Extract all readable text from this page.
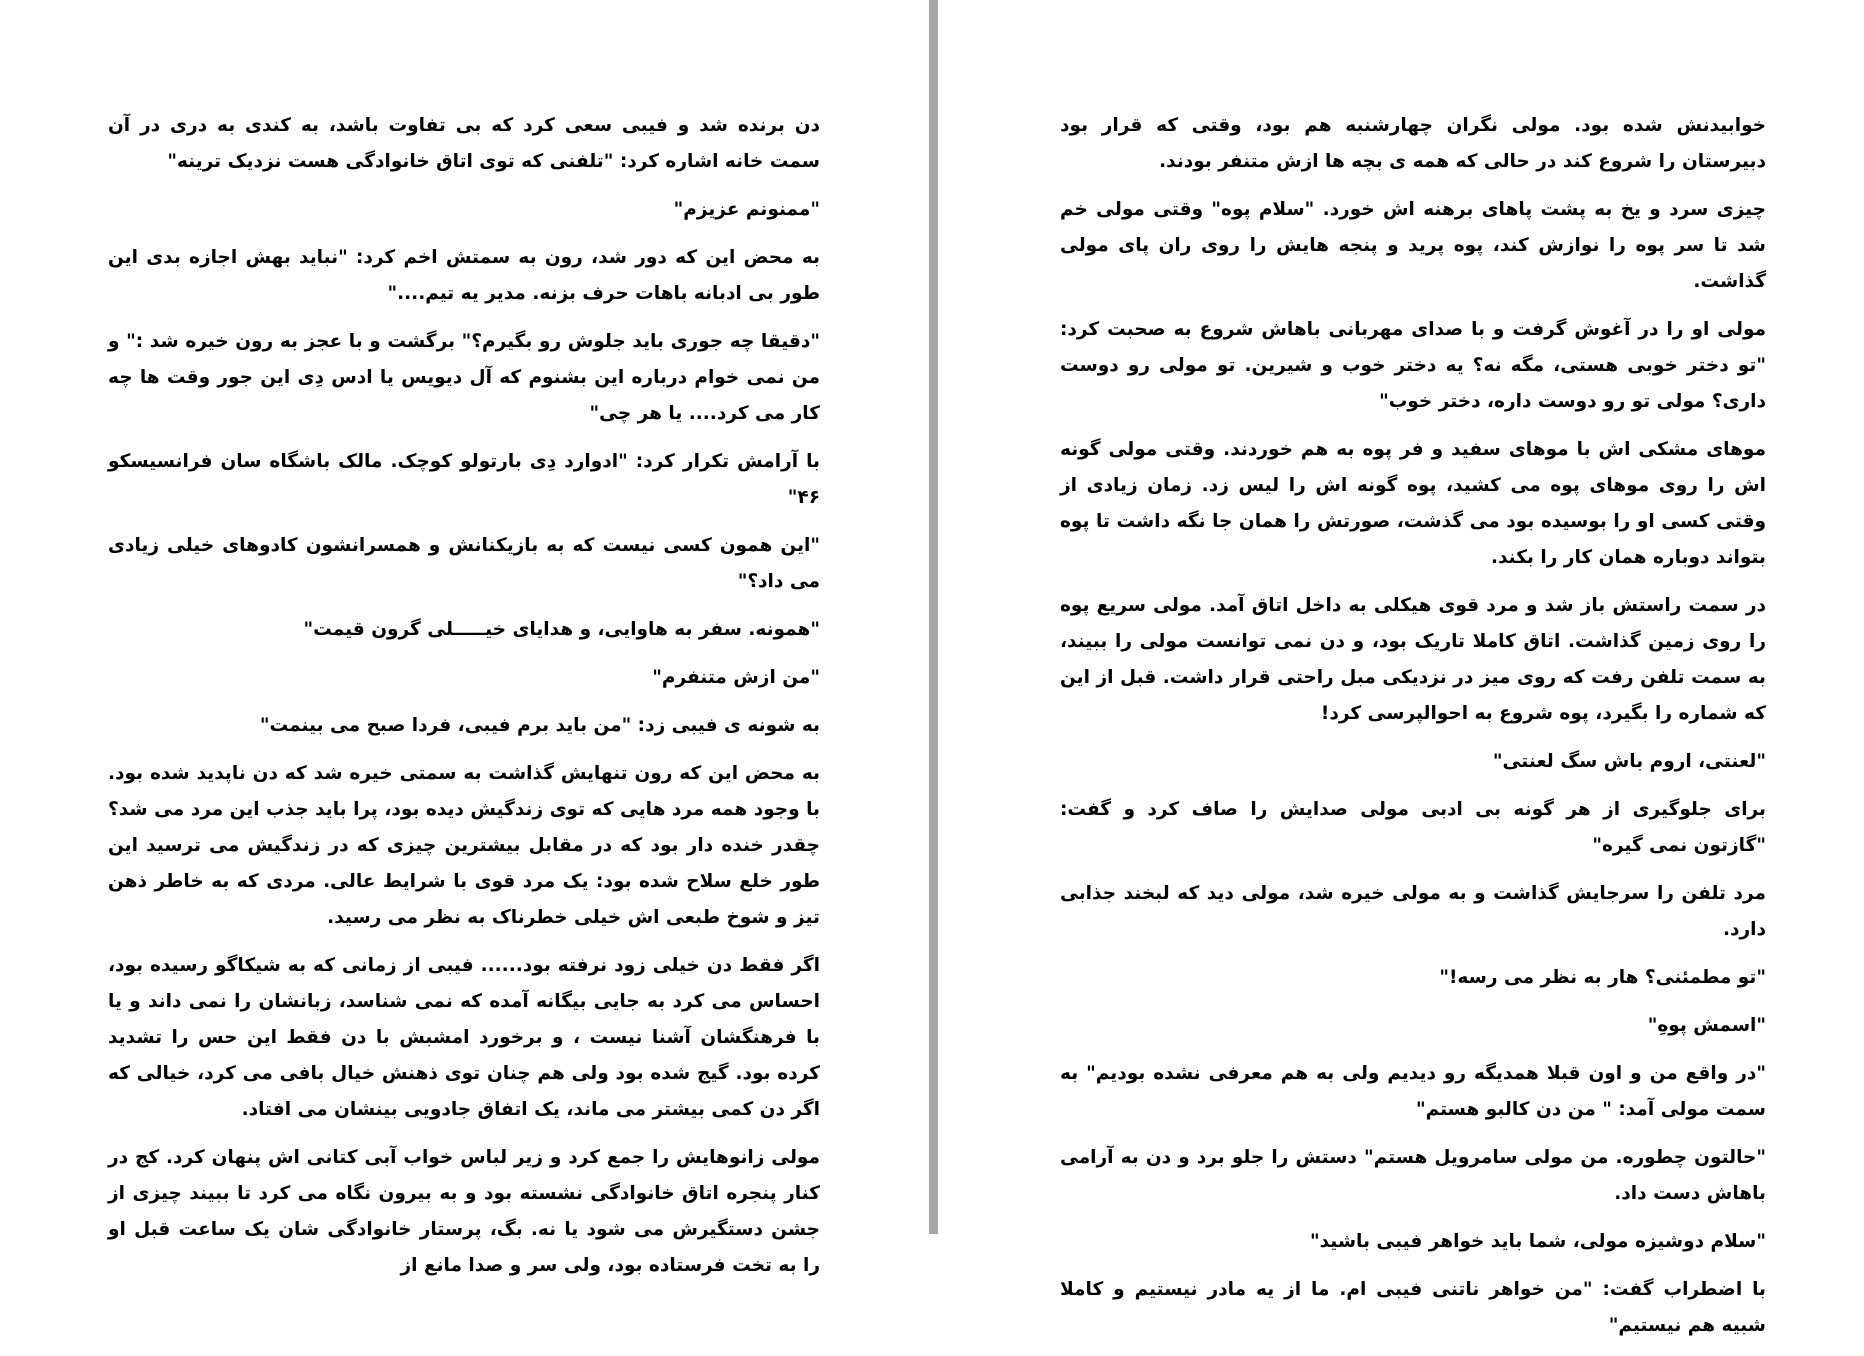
دن برنده شد و فیبی سعی کرد که بی تفاوت باشد، به کندی به دری در آن سمت خانه اشاره کرد: "تلفنی که توی اتاق خانوادگی هست نزدیک ترینه"

"ممنونم عزیزم"

به محض این که دور شد، رون به سمتش اخم کرد: "نباید بهش اجازه بدی این طور بی ادبانه باهات حرف بزنه. مدیر یه تیم...."

"دقیقا چه جوری باید جلوش رو بگیرم؟" برگشت و با عجز به رون خیره شد :" و من نمی خوام درباره این بشنوم که آل دیویس یا ادس دِی این جور وقت ها چه کار می کرد.... یا هر چی"

با آرامش تکرار کرد: "ادوارد دِی بارتولو کوچک. مالک باشگاه سان فرانسیسکو ۴۶"

"این همون کسی نیست که به بازیکنانش و همسرانشون کادوهای خیلی زیادی می داد؟"

"همونه. سفر به هاوایی، و هدایای خیـــــلی گرون قیمت"

"من ازش متنفرم"

به شونه ی فیبی زد: "من باید برم فیبی، فردا صبح می بینمت"

به محض این که رون تنهایش گذاشت به سمتی خیره شد که دن ناپدید شده بود. با وجود همه مرد هایی که توی زندگیش دیده بود، پرا باید جذب این مرد می شد؟ چقدر خنده دار بود که در مقابل بیشترین چیزی که در زندگیش می ترسید این طور خلع سلاح شده بود: یک مرد قوی با شرایط عالی. مردی که به خاطر ذهن تیز و شوخ طبعی اش خیلی خطرناک به نظر می رسید.

اگر فقط دن خیلی زود نرفته بود...... فیبی از زمانی که به شیکاگو رسیده بود، احساس می کرد به جایی بیگانه آمده که نمی شناسد، زبانشان را نمی داند و یا با فرهنگشان آشنا نیست ، و برخورد امشبش با دن فقط این حس را تشدید کرده بود. گیج شده بود ولی هم چنان توی ذهنش خیال بافی می کرد، خیالی که اگر دن کمی بیشتر می ماند، یک اتفاق جادویی بینشان می افتاد.

مولی زانوهایش را جمع کرد و زیر لباس خواب آبی کتانی اش پنهان کرد. کج در کنار پنجره اتاق خانوادگی نشسته بود و به بیرون نگاه می کرد تا ببیند چیزی از جشن دستگیرش می شود یا نه. بگ، پرستار خانوادگی شان یک ساعت قبل او را به تخت فرستاده بود، ولی سر و صدا مانع از

خوابیدنش شده بود. مولی نگران چهارشنبه هم بود، وقتی که قرار بود دبیرستان را شروع کند در حالی که همه ی بچه ها ازش متنفر بودند.

چیزی سرد و یخ به پشت پاهای برهنه اش خورد. "سلام پوه" وقتی مولی خم شد تا سر پوه را نوازش کند، پوه پرید و پنجه هایش را روی ران پای مولی گذاشت.

مولی او را در آغوش گرفت و با صدای مهربانی باهاش شروع به صحبت کرد: "تو دختر خوبی هستی، مگه نه؟ یه دختر خوب و شیرین. تو مولی رو دوست داری؟ مولی تو رو دوست داره، دختر خوب"

موهای مشکی اش با موهای سفید و فر پوه به هم خوردند. وقتی مولی گونه اش را روی موهای پوه می کشید، پوه گونه اش را لیس زد. زمان زیادی از وقتی کسی او را بوسیده بود می گذشت، صورتش را همان جا نگه داشت تا پوه بتواند دوباره همان کار را بکند.

در سمت راستش باز شد و مرد قوی هیکلی به داخل اتاق آمد. مولی سریع پوه را روی زمین گذاشت. اتاق کاملا تاریک بود، و دن نمی توانست مولی را ببیند، به سمت تلفن رفت که روی میز در نزدیکی مبل راحتی قرار داشت. قبل از این که شماره را بگیرد، پوه شروع به احوالپرسی کرد!

"لعنتی، اروم باش سگ لعنتی"

برای جلوگیری از هر گونه بی ادبی مولی صدایش را صاف کرد و گفت: "گازتون نمی گیره"

مرد تلفن را سرجایش گذاشت و به مولی خیره شد، مولی دید که لبخند جذابی دارد.

"تو مطمئنی؟ هار به نظر می رسه!"

"اسمش پوهِ"

"در واقع من و اون قبلا همدیگه رو دیدیم ولی به هم معرفی نشده بودیم" به سمت مولی آمد: " من دن کالبو هستم"

"حالتون چطوره. من مولی سامرویل هستم" دستش را جلو برد و دن به آرامی باهاش دست داد.

"سلام دوشیزه مولی، شما باید خواهر فیبی باشید"

با اضطراب گفت: "من خواهر ناتنی فیبی ام. ما از یه مادر نیستیم و کاملا شبیه هم نیستیم"
